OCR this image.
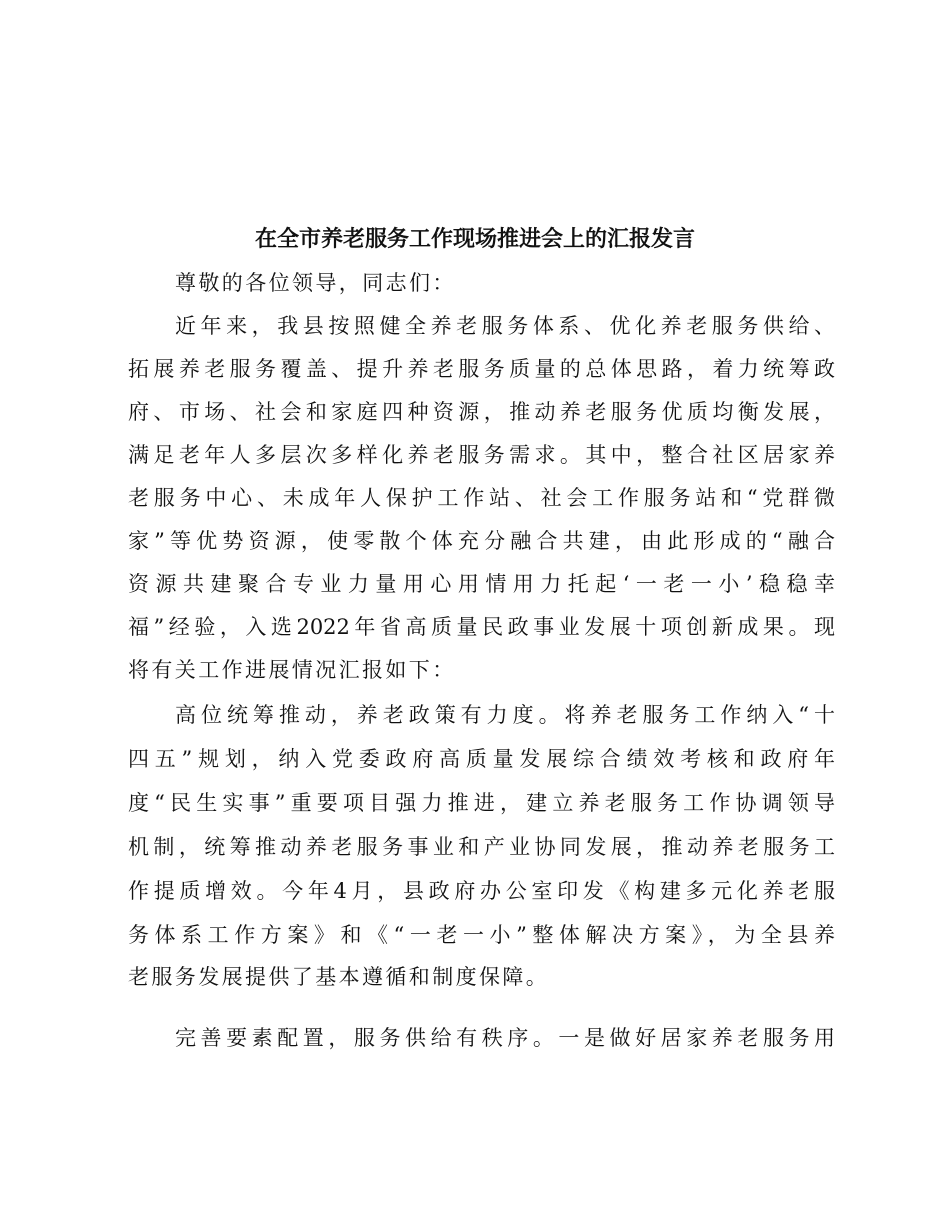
在全市养老服务工作现场推进会上的汇报发言
尊敬的各位领导，同志们：
近年来，我县按照健全养老服务体系、优化养老服务供给、
拓展养老服务覆盖、提升养老服务质量的总体思路，着力统筹政
府、市场、社会和家庭四种资源，推动养老服务优质均衡发展，
满足老年人多层次多样化养老服务需求。其中，整合社区居家养
老服务中心、未成年人保护工作站、社会工作服务站和“党群微
家”等优势资源，使零散个体充分融合共建，由此形成的“融合
资源共建聚合专业力量用心用情用力托起‘一老一小’稳稳幸
福”经验，入选2022年省高质量民政事业发展十项创新成果。现
将有关工作进展情况汇报如下：
高位统筹推动，养老政策有力度。将养老服务工作纳入“十
四五”规划，纳入党委政府高质量发展综合绩效考核和政府年
度“民生实事”重要项目强力推进，建立养老服务工作协调领导
机制，统筹推动养老服务事业和产业协同发展，推动养老服务工
作提质增效。今年4月，县政府办公室印发《构建多元化养老服
务体系工作方案》和《“一老一小”整体解决方案》，为全县养
老服务发展提供了基本遵循和制度保障。
完善要素配置，服务供给有秩序。一是做好居家养老服务用
